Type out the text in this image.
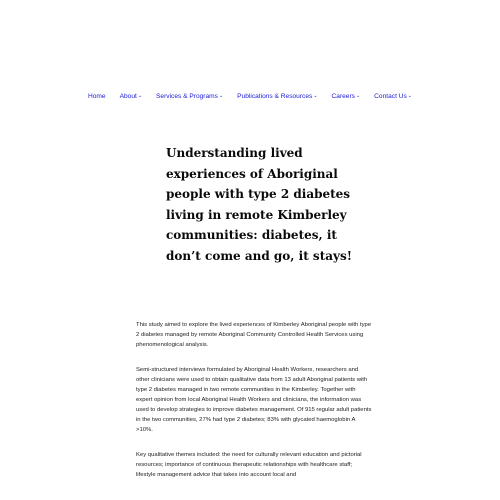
Home About ⌄ Services & Programs ⌄ Publications & Resources ⌄ Careers ⌄ Contact Us ⌄
Understanding lived experiences of Aboriginal people with type 2 diabetes living in remote Kimberley communities: diabetes, it don’t come and go, it stays!

This study aimed to explore the lived experiences of Kimberley Aboriginal people with type 2 diabetes managed by remote Aboriginal Community Controlled Health Services using phenomenological analysis.

Semi-structured interviews formulated by Aboriginal Health Workers, researchers and other clinicians were used to obtain qualitative data from 13 adult Aboriginal patients with type 2 diabetes managed in two remote communities in the Kimberley. Together with expert opinion from local Aboriginal Health Workers and clinicians, the information was used to develop strategies to improve diabetes management. Of 915 regular adult patients in the two communities, 27% had type 2 diabetes; 83% with glycated haemoglobin A >10%.

Key qualitative themes included: the need for culturally relevant education and pictorial resources; importance of continuous therapeutic relationships with healthcare staff; lifestyle management advice that takes into account local and
